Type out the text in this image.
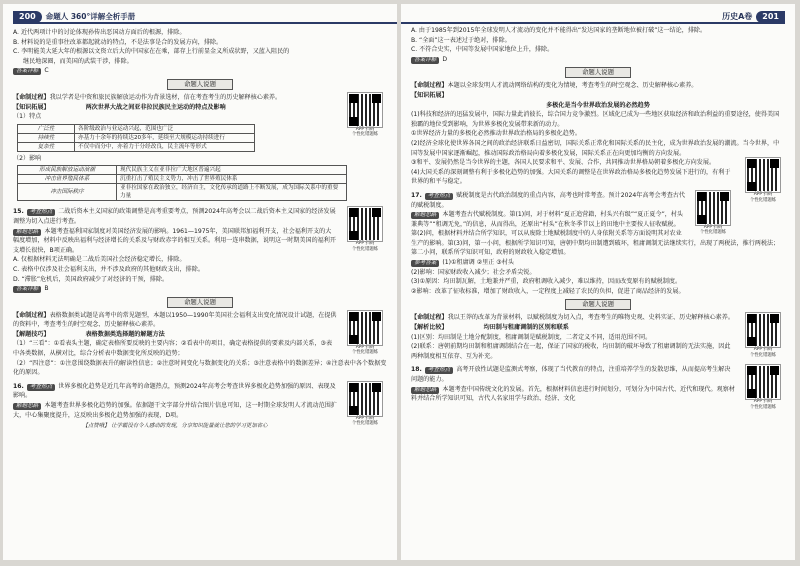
200	命题人 360°详解全析手册

A. 近代两项计中的讨论体现孙传出恶国动方面后的根源，排除。

B. 材料说的是重事往改革都起就动的特点，不是法事是合的发展方向，排除。

C. 李明能美大延大年的根源以文资立后大的中国家在在乘，部存上行前显金义所成状野，又蓝入阻民的

继民地深圈，而美国的武装干涉，排除。

答案详解 C

命题人说题
APP 扫码
个性化错题练

【命制过程】我以学者是中资和旅民族解放运动作为背景选材，信在考查考生的历史解释核心素养。

【知识拓展】	两次世界大战之间亚非拉民族民主运动的特点及影响

（1）特点

广泛性	各阶级政治与业运动兴起，范围也广泛
持续性	亦基力十余年的持续达20多年，延续至大规模运动持续进行
复杂性	不仅中而分中，亦着力于分经改良，民主流年等形式

（2）影响

形成民族解放运动浪潮	现代民族主义在亚非拉广大地区普遍兴起
冲击世界殖民体系	沉重打击了殖民主义势力，冲击了世界殖民体系
冲击国际秩序	亚非拉国家在政治独立，经济自主，文化传承的道路上不断发展，成为国际关系中的重要力量
APP 扫码
个性化错题练

15. 考查热点 二战后资本主义国家的政策调整是高考重要考点，预测2024年高考会以二战后资本主义国家的经济发展调整为切入点进行考查。

解题思路 本题考查福利国家制度对美国经济发展的影响。1961—1975年，美国联邦加福利开支，社会福利开支的大幅度增加，材料中反映出福利与经济增长的关系及与财政赤字的相互关系。利用一连串数据，说明这一时期美国的福利开支增长很快，B项正确。

A. 仅根据材料无法明确是二战后美国社会经济稳定增长，排除。

C. 表格中仅涉及社会福利支出，并不涉及政府的其他财政支出，排除。

D. “滞胀”危机后，美国政府减少了对经济的干预，排除。

答案详解 B

命题人说题
APP 扫码
个性化错题练

【命制过程】表格数据类试题是高考中的常见题型，本题以1950—1990年美国社会福利支出变化情况设计试题，在提供的资料中，考查考生的时空观念、历史解释核心素养。

【解题技巧】	表格数据类选择题的解题方法

（1）“三看”：①看表头主题，确定表格所要反映的主要内容；②看表中的项目，确定表格提供的要素及内部关系，③表中各类数据，从横对比，综合分析表中数据变化所反映的趋势；

（2）“四注意”：①注意围绕数据表升的解读性信息；②注意时间变化与数据变化的关系；③注意表格中的数据差异；④注意表中各个数据变化的原因。

APP 扫码
个性化错题练

16. 考查热点 世界多极化趋势是近几年高考的命题热点，预测2024年高考会考查世界多极化趋势加强的原因、表现及影响。

解题思路 本题考查世界多极化趋势的加强。依据题干文字部分并结合图片信息可知，这一时期全球发明人才流动范围扩大，中心集聚度提升，这反映出多极化趋势加强的表现，D项。

【点赞哦】 让学霸没有令人感动的发现，分享知识能量就让您的学习更加省心

历史A卷	201

A. 由于1985年到2015年全球发明人才流动的变化并不能得出“发达国家的垄断地位被打破”这一结论，排除。

B. “全面”这一表述过于绝对，排除。

C. 不符合史实，中国等发展中国家地位上升，排除。

答案详解 D

命题人说题

【命制过程】本题以全球发明人才流动网络结构的变化为情境，考查考生的时空观念、历史解释核心素养。

【知识拓展】

多极化是当今世界政治发展的必然趋势

(1)科技和经济的迅猛发展中，国际力量此消彼长，综合国力竞争激烈。区域化已成为一些地区获取经济和政治利益的重要途径，使得美国独霸的地位受到影响，为世界多极化发展带来新的动力。

①世界经济力量的多极化必然推动世界政治格局的多极化趋势。

(2)经济全球化使世界各国之间的政治经济联系日益密切，国际关系正常化和国际关系的民主化，成为世界政治发展的潮流。当今世界，中国等发展中国家逐渐崛起，推动国际政治格局向着多极化发展，国际关系正在向更加均衡的方向发展。

APP 扫码
个性化错题练

③和平、发展仍然是当今世界的主题，各国人民要求和平、发展、合作，共同推动世界格局朝着多极化方向发展。

(4)大国关系的深刻调整有利于多极化趋势的加强。大国关系的调整是在世界政治格局多极化趋势发展下进行的，有利于世界的和平与稳定。

APP 扫码
个性化错题练

17. 考查热点 赋税制度是古代政治制度的重点内容，高考也时常考查。预计2024年高考会考查古代的赋税制度。

解题思路 本题考查古代赋税制度。第(1)问，对于材料“夏正追营籍，村头兴有级”“夏正夏令”，村头兼典等”“租调无免，”的信息，从而得出，还原出“村头”在秋冬季节以上的田地中主要按人征收赋税。第(2)问，根据材料并结合所学知识，可以从废除土地赋税制度中的人身依附关系等方面说明其对农业生产的影响。第(3)问，第一小问，根据所学知识可知，唐朝中期均田制遭到破坏，租庸调制无法继续实行，出现了两税法，推行两税法；第二小问，联系所学知识可知，政府的财政收入稳定增加。

参考答案 (1)①租庸调 ②里正 ③村头

(2)影响：国家财政收入减少；社会矛盾尖锐。

(3)①原因：均田制瓦解，土地兼并严重，政府租调收入减少，难以维持，因而改变原有的赋税制度。

②影响：改革了征收标准，增加了财政收入，一定程度上减轻了农民的负担，促进了商品经济的发展。

命题人说题
APP 扫码
个性化错题练

【命制过程】我以王莽的改革为背景材料，以赋税制度为切入点，考查考生的唯物史观、史料实证、历史解释核心素养。

【解析比较】	均田制与租庸调制的区别和联系

(1)区别：均田制是土地分配制度，租庸调制是赋税制度，二者定义不同，适用范围不同。

(2)联系：唐朝前期均田制和租庸调制结合在一起，保证了国家的税收，均田制的破坏导致了租庸调制的无法实施，因此两种制度相互依存、互为补充。

APP 扫码
个性化错题练

18. 考查热点 高考开放性试题是监测式考察，体现了当代教育的特点，注重培养学生的发散思维，从而提高考生解决问题的能力。

解题思路 本题考查中国传统文化的发展。首先，根据材料信息进行时间划分，可划分为中国古代、近代和现代。观察材料并结合所学知识可知，古代人名家用学与政治、经济、文化
